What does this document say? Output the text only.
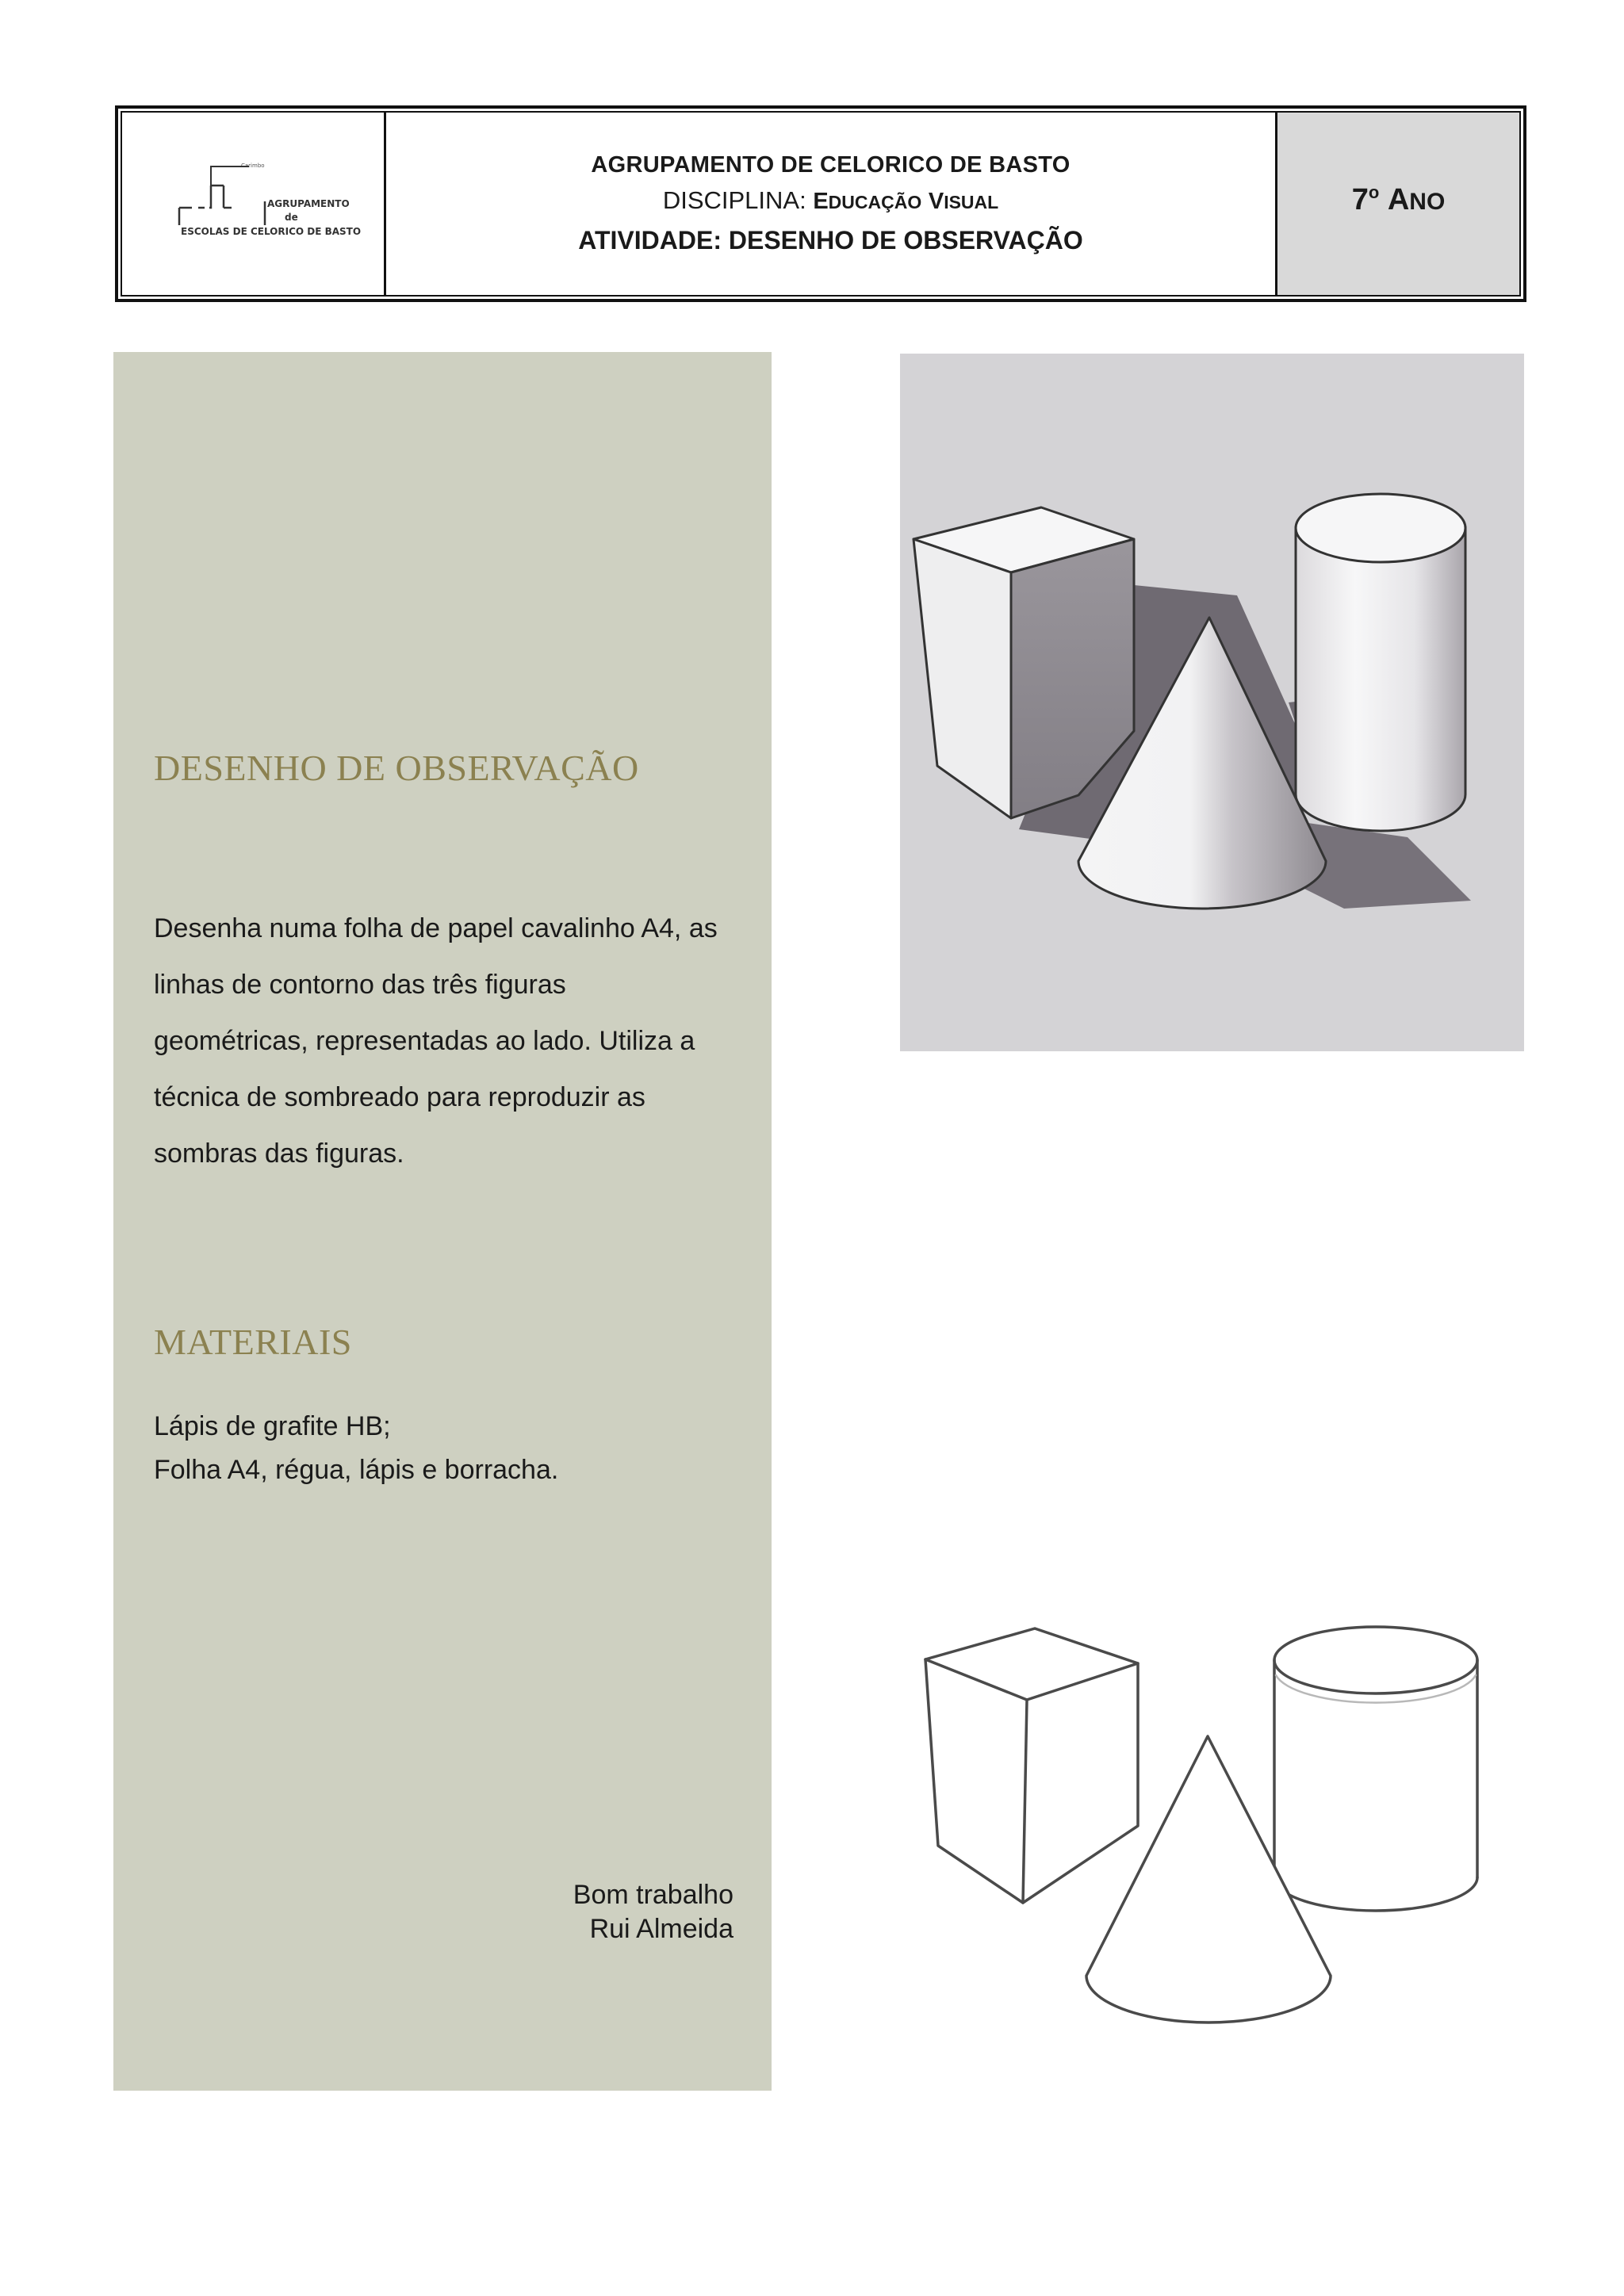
Carimbo
AGRUPAMENTO
de
ESCOLAS DE CELORICO DE BASTO
AGRUPAMENTO DE CELORICO DE BASTO
DISCIPLINA: EDUCAÇÃO VISUAL
ATIVIDADE: DESENHO DE OBSERVAÇÃO
7$^o$ ANO
DESENHO DE OBSERVAÇÃO
Desenha numa folha de papel cavalinho A4, as
linhas de contorno das três figuras
geométricas, representadas ao lado. Utiliza a
técnica de sombreado para reproduzir as
sombras das figuras.
MATERIAIS
Lápis de grafite HB;
Folha A4, régua, lápis e borracha.
Bom trabalho
Rui Almeida
